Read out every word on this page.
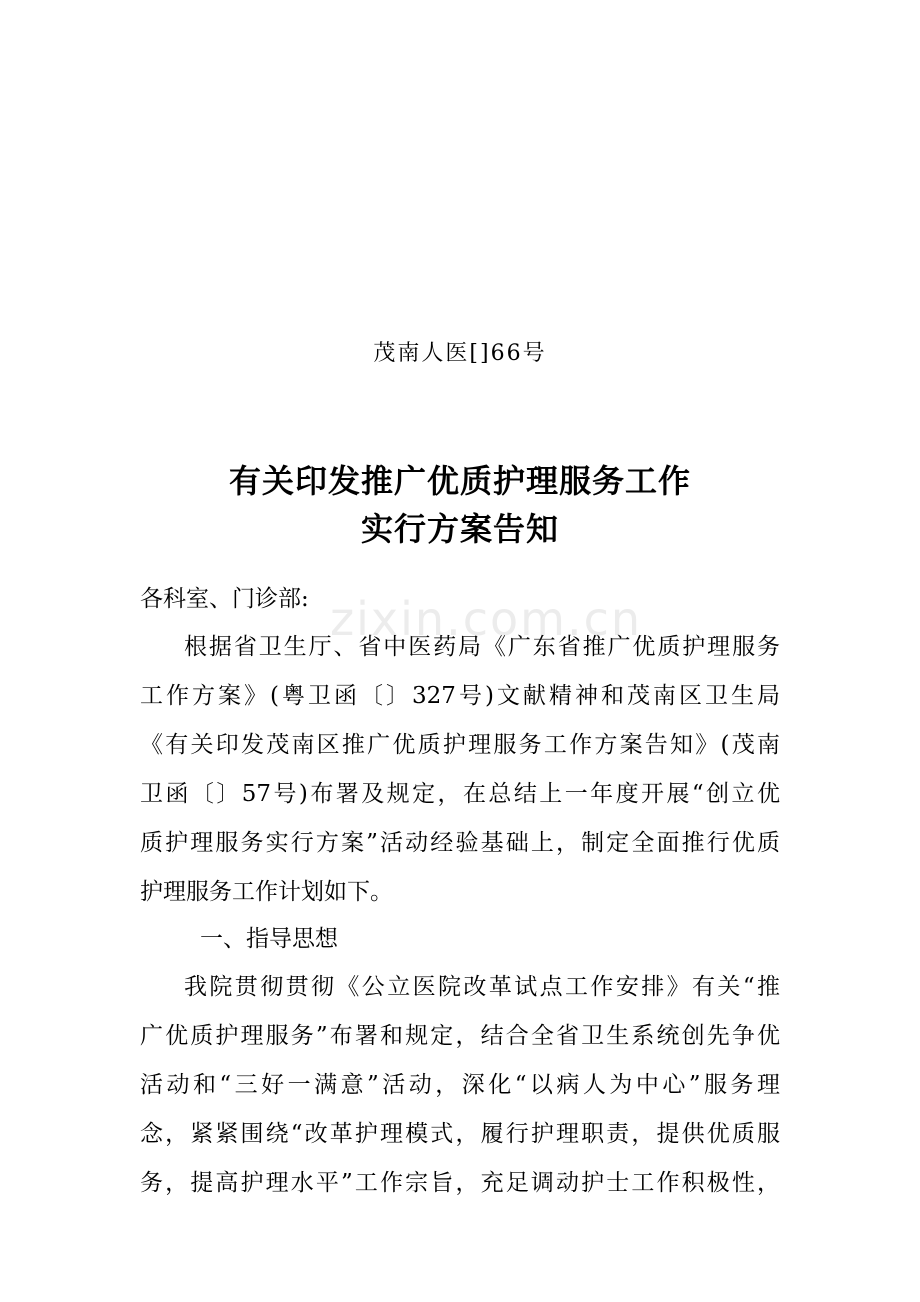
茂南人医[]66号
有关印发推广优质护理服务工作
实行方案告知
zixin.com.cn
各科室、门诊部:
根据省卫生厅、省中医药局《广东省推广优质护理服务
工作方案》(粤卫函〔〕327号)文献精神和茂南区卫生局
《有关印发茂南区推广优质护理服务工作方案告知》(茂南
卫函〔〕57号)布署及规定，在总结上一年度开展“创立优
质护理服务实行方案”活动经验基础上，制定全面推行优质
护理服务工作计划如下。
一、指导思想
我院贯彻贯彻《公立医院改革试点工作安排》有关“推
广优质护理服务”布署和规定，结合全省卫生系统创先争优
活动和“三好一满意”活动，深化“以病人为中心”服务理
念，紧紧围绕“改革护理模式，履行护理职责，提供优质服
务，提高护理水平”工作宗旨，充足调动护士工作积极性，
